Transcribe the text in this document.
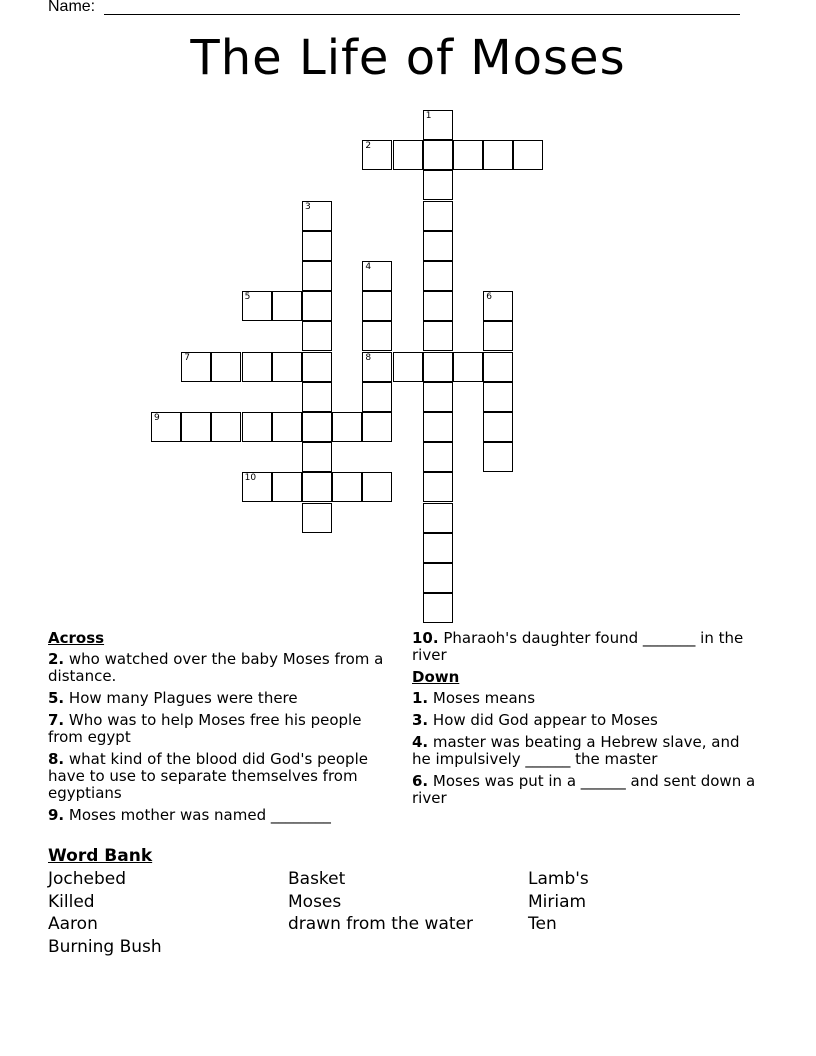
Name:
The Life of Moses
1
2
3
4
8
5	6
7
9
10
Across
2. who watched over the baby Moses from a distance.
5. How many Plagues were there
7. Who was to help Moses free his people from egypt
8. what kind of the blood did God's people have to use to separate themselves from egyptians
9. Moses mother was named ________
10. Pharaoh's daughter found _______ in the river
Down
1. Moses means
3. How did God appear to Moses
4. master was beating a Hebrew slave, and he impulsively ______ the master
6. Moses was put in a ______ and sent down a river
Word Bank
Jochebed
Killed
Aaron
Burning Bush
Basket
Moses
drawn from the water
Lamb's
Miriam
Ten
